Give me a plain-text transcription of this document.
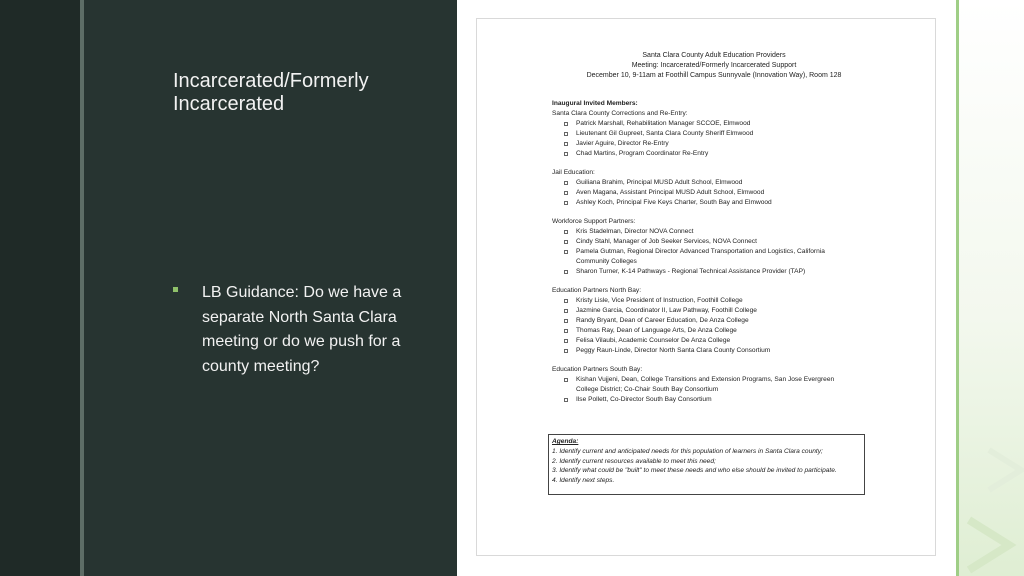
Incarcerated/Formerly Incarcerated
LB Guidance: Do we have a separate North Santa Clara meeting or do we push for a county meeting?
Santa Clara County Adult Education Providers
Meeting: Incarcerated/Formerly Incarcerated Support
December 10, 9-11am at Foothill Campus Sunnyvale (Innovation Way), Room 128
Inaugural Invited Members:
Santa Clara County Corrections and Re-Entry:
Patrick Marshall, Rehabilitation Manager SCCOE, Elmwood
Lieutenant Gil Gupreet, Santa Clara County Sheriff Elmwood
Javier Aguire, Director Re-Entry
Chad Martins, Program Coordinator Re-Entry
Jail Education:
Guiliana Brahim, Principal MUSD Adult School, Elmwood
Aven Magana, Assistant Principal MUSD Adult School, Elmwood
Ashley Koch, Principal Five Keys Charter, South Bay and Elmwood
Workforce Support Partners:
Kris Stadelman, Director NOVA Connect
Cindy Stahl, Manager of Job Seeker Services, NOVA Connect
Pamela Gutman, Regional Director Advanced Transportation and Logistics, California
Community Colleges
Sharon Turner, K-14 Pathways - Regional Technical Assistance Provider (TAP)
Education Partners North Bay:
Kristy Lisle, Vice President of Instruction, Foothill College
Jazmine Garcia, Coordinator II, Law Pathway, Foothill College
Randy Bryant, Dean of Career Education, De Anza College
Thomas Ray, Dean of Language Arts, De Anza College
Felisa Vilaubi, Academic Counselor De Anza College
Peggy Raun-Linde, Director North Santa Clara County Consortium
Education Partners South Bay:
Kishan Vujjeni, Dean, College Transitions and Extension Programs, San Jose Evergreen
College District; Co-Chair South Bay Consortium
Ilse Pollett, Co-Director South Bay Consortium
Agenda:
1. Identify current and anticipated needs for this population of learners in Santa Clara county;
2. Identify current resources available to meet this need;
3. Identify what could be "built" to meet these needs and who else should be invited to participate.
4. Identify next steps.
